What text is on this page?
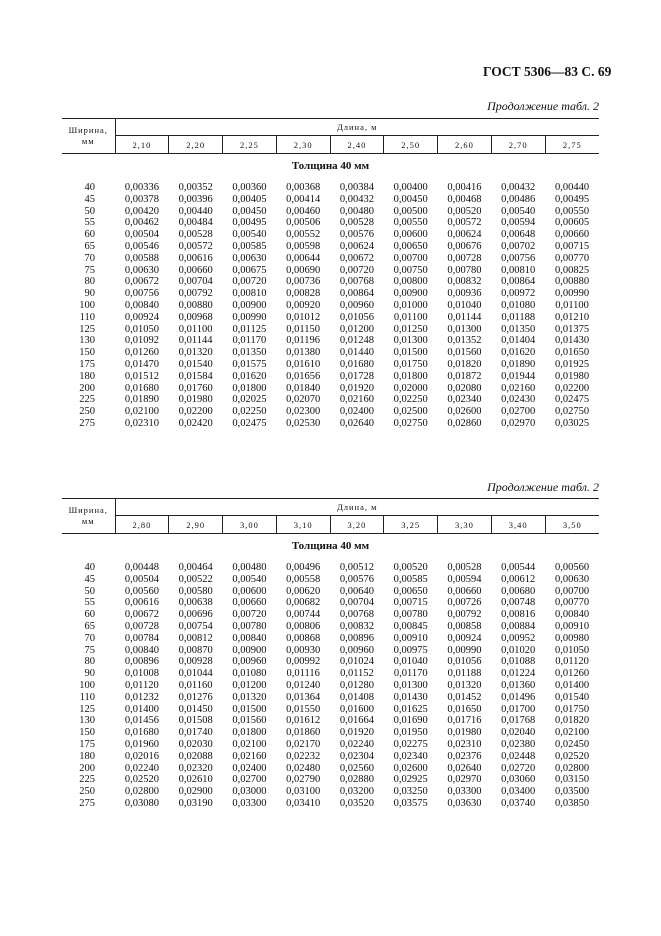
ГОСТ 5306—83 С. 69
Продолжение табл. 2
Ширина, мм	Длина, м								
	2,10	2,20	2,25	2,30	2,40	2,50	2,60	2,70	2,75
Толщина 40 мм									

40	0,00336	0,00352	0,00360	0,00368	0,00384	0,00400	0,00416	0,00432	0,00440
45	0,00378	0,00396	0,00405	0,00414	0,00432	0,00450	0,00468	0,00486	0,00495
50	0,00420	0,00440	0,00450	0,00460	0,00480	0,00500	0,00520	0,00540	0,00550
55	0,00462	0,00484	0,00495	0,00506	0,00528	0,00550	0,00572	0,00594	0,00605
60	0,00504	0,00528	0,00540	0,00552	0,00576	0,00600	0,00624	0,00648	0,00660
65	0,00546	0,00572	0,00585	0,00598	0,00624	0,00650	0,00676	0,00702	0,00715
70	0,00588	0,00616	0,00630	0,00644	0,00672	0,00700	0,00728	0,00756	0,00770
75	0,00630	0,00660	0,00675	0,00690	0,00720	0,00750	0,00780	0,00810	0,00825
80	0,00672	0,00704	0,00720	0,00736	0,00768	0,00800	0,00832	0,00864	0,00880
90	0,00756	0,00792	0,00810	0,00828	0,00864	0,00900	0,00936	0,00972	0,00990
100	0,00840	0,00880	0,00900	0,00920	0,00960	0,01000	0,01040	0,01080	0,01100
110	0,00924	0,00968	0,00990	0,01012	0,01056	0,01100	0,01144	0,01188	0,01210
125	0,01050	0,01100	0,01125	0,01150	0,01200	0,01250	0,01300	0,01350	0,01375
130	0,01092	0,01144	0,01170	0,01196	0,01248	0,01300	0,01352	0,01404	0,01430
150	0,01260	0,01320	0,01350	0,01380	0,01440	0,01500	0,01560	0,01620	0,01650
175	0,01470	0,01540	0,01575	0,01610	0,01680	0,01750	0,01820	0,01890	0,01925
180	0,01512	0,01584	0,01620	0,01656	0,01728	0,01800	0,01872	0,01944	0,01980
200	0,01680	0,01760	0,01800	0,01840	0,01920	0,02000	0,02080	0,02160	0,02200
225	0,01890	0,01980	0,02025	0,02070	0,02160	0,02250	0,02340	0,02430	0,02475
250	0,02100	0,02200	0,02250	0,02300	0,02400	0,02500	0,02600	0,02700	0,02750
275	0,02310	0,02420	0,02475	0,02530	0,02640	0,02750	0,02860	0,02970	0,03025
Продолжение табл. 2
Ширина, мм	Длина, м								
	2,80	2,90	3,00	3,10	3,20	3,25	3,30	3,40	3,50
Толщина 40 мм									

40	0,00448	0,00464	0,00480	0,00496	0,00512	0,00520	0,00528	0,00544	0,00560
45	0,00504	0,00522	0,00540	0,00558	0,00576	0,00585	0,00594	0,00612	0,00630
50	0,00560	0,00580	0,00600	0,00620	0,00640	0,00650	0,00660	0,00680	0,00700
55	0,00616	0,00638	0,00660	0,00682	0,00704	0,00715	0,00726	0,00748	0,00770
60	0,00672	0,00696	0,00720	0,00744	0,00768	0,00780	0,00792	0,00816	0,00840
65	0,00728	0,00754	0,00780	0,00806	0,00832	0,00845	0,00858	0,00884	0,00910
70	0,00784	0,00812	0,00840	0,00868	0,00896	0,00910	0,00924	0,00952	0,00980
75	0,00840	0,00870	0,00900	0,00930	0,00960	0,00975	0,00990	0,01020	0,01050
80	0,00896	0,00928	0,00960	0,00992	0,01024	0,01040	0,01056	0,01088	0,01120
90	0,01008	0,01044	0,01080	0,01116	0,01152	0,01170	0,01188	0,01224	0,01260
100	0,01120	0,01160	0,01200	0,01240	0,01280	0,01300	0,01320	0,01360	0,01400
110	0,01232	0,01276	0,01320	0,01364	0,01408	0,01430	0,01452	0,01496	0,01540
125	0,01400	0,01450	0,01500	0,01550	0,01600	0,01625	0,01650	0,01700	0,01750
130	0,01456	0,01508	0,01560	0,01612	0,01664	0,01690	0,01716	0,01768	0,01820
150	0,01680	0,01740	0,01800	0,01860	0,01920	0,01950	0,01980	0,02040	0,02100
175	0,01960	0,02030	0,02100	0,02170	0,02240	0,02275	0,02310	0,02380	0,02450
180	0,02016	0,02088	0,02160	0,02232	0,02304	0,02340	0,02376	0,02448	0,02520
200	0,02240	0,02320	0,02400	0,02480	0,02560	0,02600	0,02640	0,02720	0,02800
225	0,02520	0,02610	0,02700	0,02790	0,02880	0,02925	0,02970	0,03060	0,03150
250	0,02800	0,02900	0,03000	0,03100	0,03200	0,03250	0,03300	0,03400	0,03500
275	0,03080	0,03190	0,03300	0,03410	0,03520	0,03575	0,03630	0,03740	0,03850
